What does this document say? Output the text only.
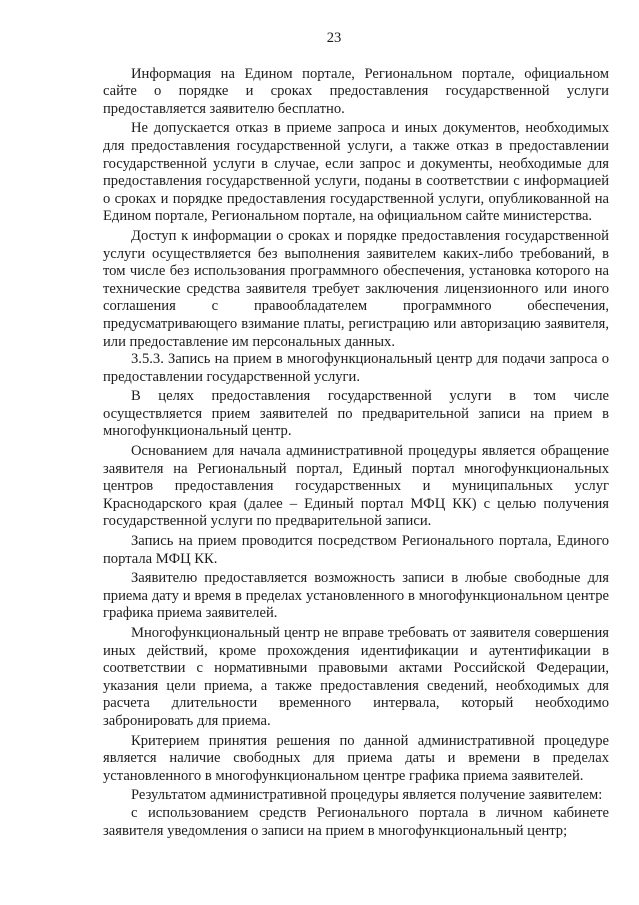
23

Информация на Едином портале, Региональном портале, официальном сайте о порядке и сроках предоставления государственной услуги предоставляется заявителю бесплатно.

Не допускается отказ в приеме запроса и иных документов, необходимых для предоставления государственной услуги, а также отказ в предоставлении государственной услуги в случае, если запрос и документы, необходимые для предоставления государственной услуги, поданы в соответствии с информацией о сроках и порядке предоставления государственной услуги, опубликованной на Едином портале, Региональном портале, на официальном сайте министерства.

Доступ к информации о сроках и порядке предоставления государственной услуги осуществляется без выполнения заявителем каких-либо требований, в том числе без использования программного обеспечения, установка которого на технические средства заявителя требует заключения лицензионного или иного соглашения с правообладателем программного обеспечения, предусматривающего взимание платы, регистрацию или авторизацию заявителя, или предоставление им персональных данных.

3.5.3. Запись на прием в многофункциональный центр для подачи запроса о предоставлении государственной услуги.

В целях предоставления государственной услуги в том числе осуществляется прием заявителей по предварительной записи на прием в многофункциональный центр.

Основанием для начала административной процедуры является обращение заявителя на Региональный портал, Единый портал многофункциональных центров предоставления государственных и муниципальных услуг Краснодарского края (далее – Единый портал МФЦ КК) с целью получения государственной услуги по предварительной записи.

Запись на прием проводится посредством Регионального портала, Единого портала МФЦ КК.

Заявителю предоставляется возможность записи в любые свободные для приема дату и время в пределах установленного в многофункциональном центре графика приема заявителей.

Многофункциональный центр не вправе требовать от заявителя совершения иных действий, кроме прохождения идентификации и аутентификации в соответствии с нормативными правовыми актами Российской Федерации, указания цели приема, а также предоставления сведений, необходимых для расчета длительности временного интервала, который необходимо забронировать для приема.

Критерием принятия решения по данной административной процедуре является наличие свободных для приема даты и времени в пределах установленного в многофункциональном центре графика приема заявителей.

Результатом административной процедуры является получение заявителем:

с использованием средств Регионального портала в личном кабинете заявителя уведомления о записи на прием в многофункциональный центр;
